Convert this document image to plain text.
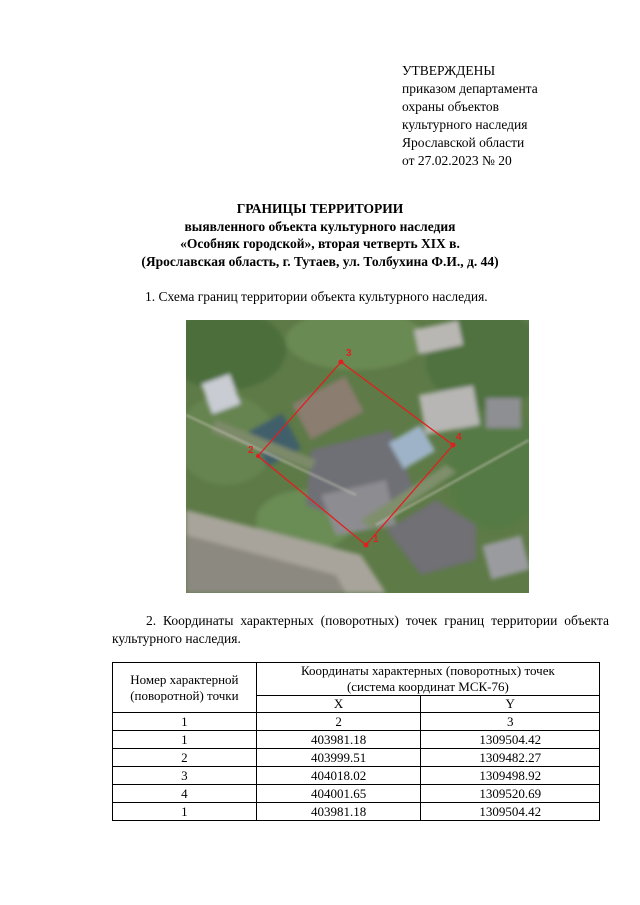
УТВЕРЖДЕНЫ
приказом департамента
охраны объектов
культурного наследия
Ярославской области
от 27.02.2023 № 20
ГРАНИЦЫ ТЕРРИТОРИИ
выявленного объекта культурного наследия
«Особняк городской», вторая четверть XIX в.
(Ярославская область, г. Тутаев, ул. Толбухина Ф.И., д. 44)
1. Схема границ территории объекта культурного наследия.
1
2
3
4
2. Координаты характерных (поворотных) точек границ территории объекта культурного наследия.
Номер характерной (поворотной) точки	Координаты характерных (поворотных) точек
(система координат МСК-76)	

	X	Y
1	2	3
1	403981.18	1309504.42
2	403999.51	1309482.27
3	404018.02	1309498.92
4	404001.65	1309520.69
1	403981.18	1309504.42
